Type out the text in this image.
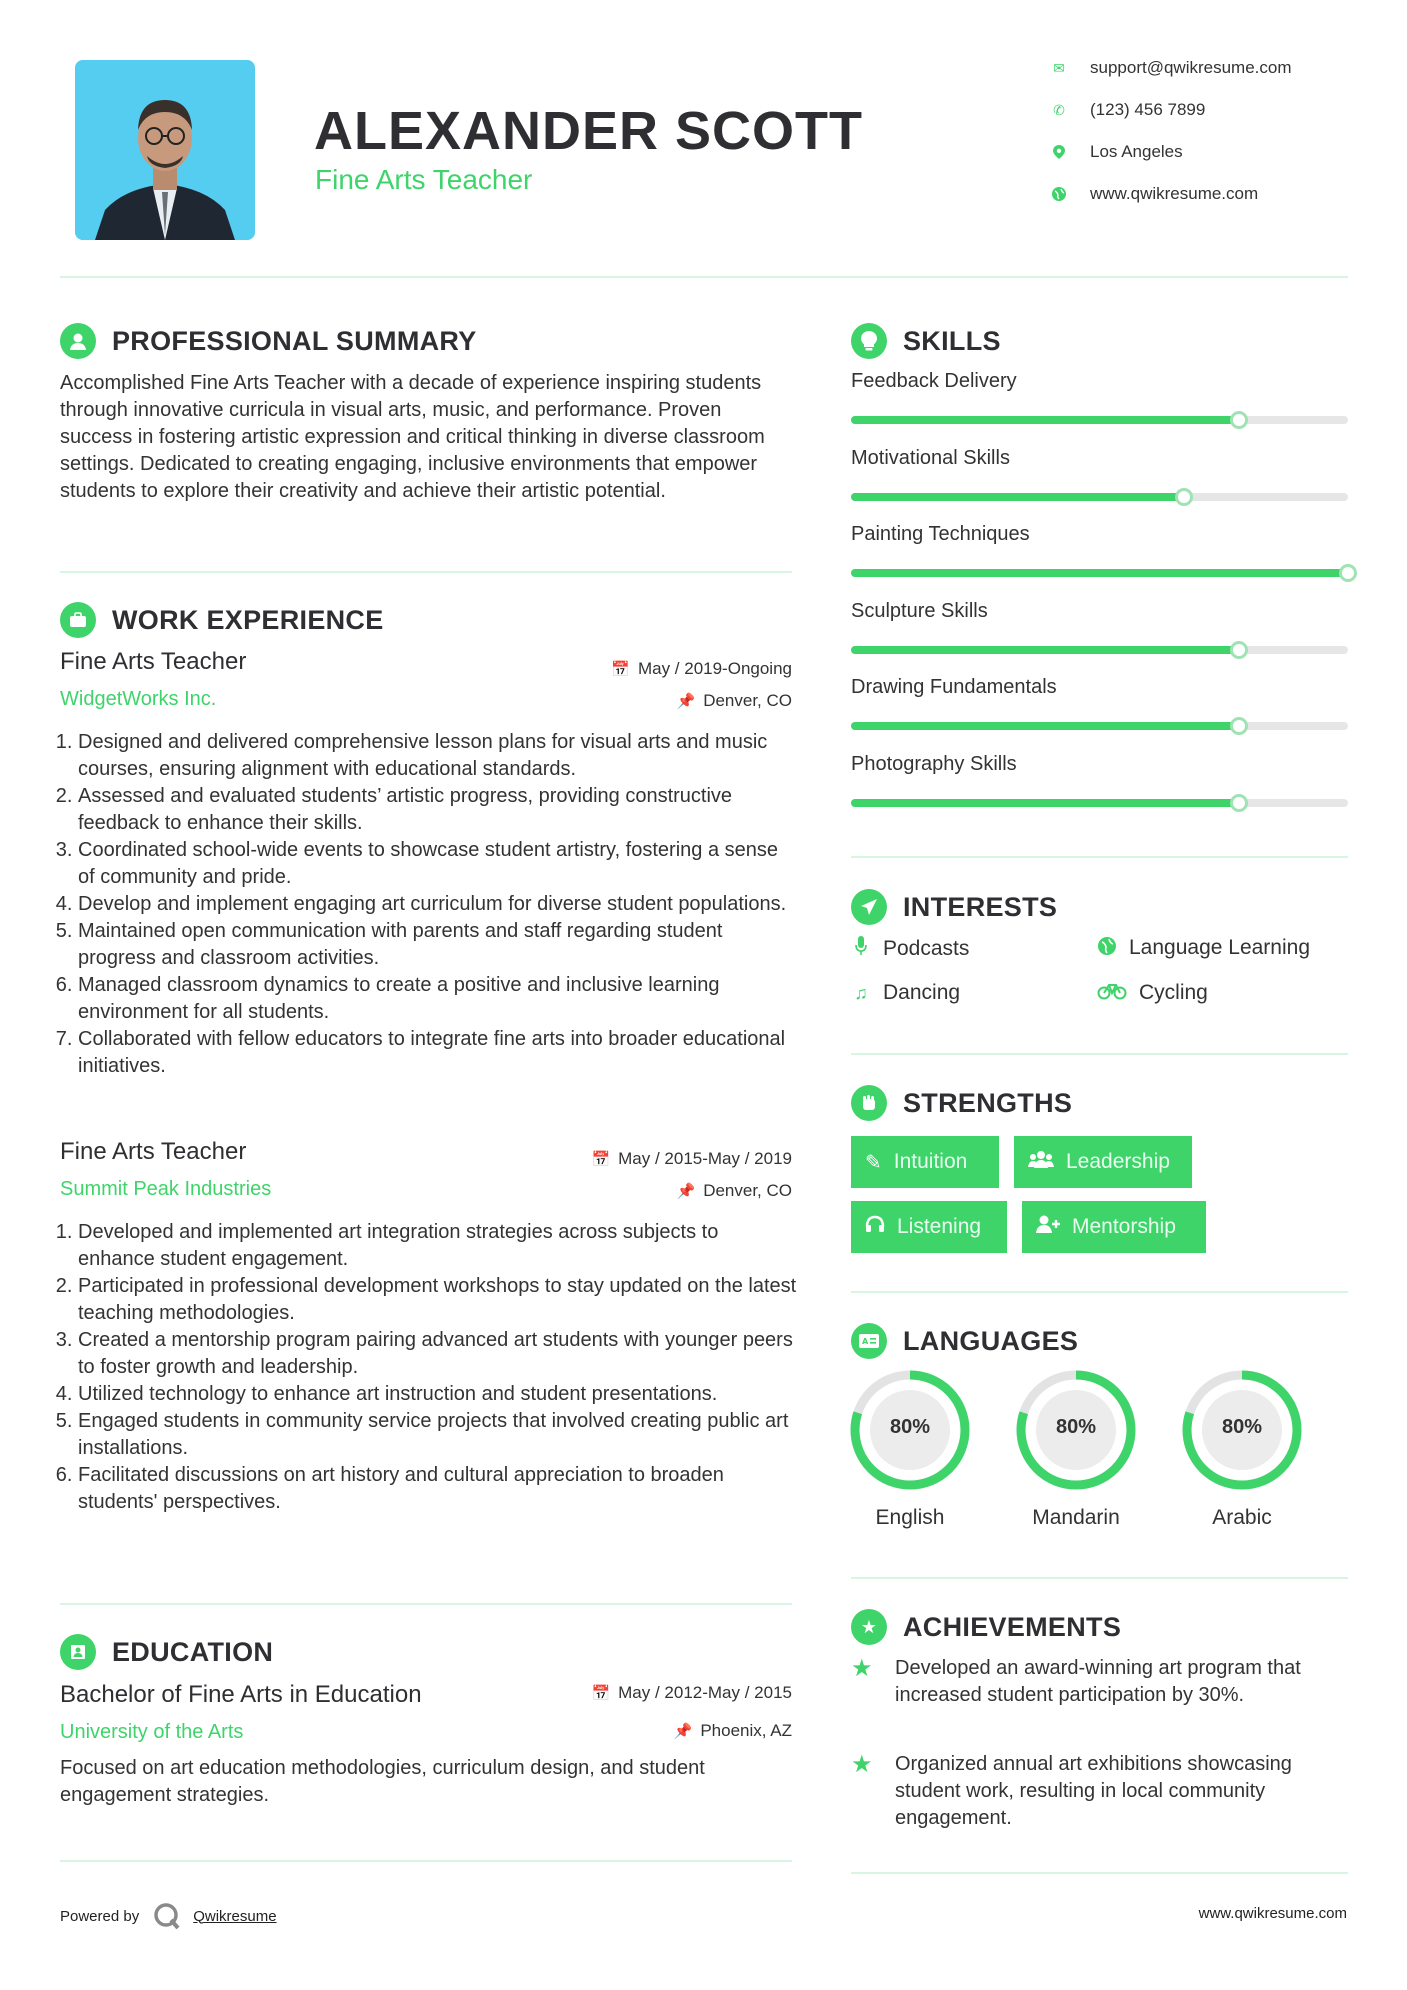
ALEXANDER SCOTT
Fine Arts Teacher
✉ support@qwikresume.com
✆ (123) 456 7899
Los Angeles
www.qwikresume.com
PROFESSIONAL SUMMARY
Accomplished Fine Arts Teacher with a decade of experience inspiring students through innovative curricula in visual arts, music, and performance. Proven success in fostering artistic expression and critical thinking in diverse classroom settings. Dedicated to creating engaging, inclusive environments that empower students to explore their creativity and achieve their artistic potential.
WORK EXPERIENCE
Fine Arts Teacher
WidgetWorks Inc.
📅 May / 2019-Ongoing
📌 Denver, CO
1. Designed and delivered comprehensive lesson plans for visual arts and music courses, ensuring alignment with educational standards.
2. Assessed and evaluated students’ artistic progress, providing constructive feedback to enhance their skills.
3. Coordinated school-wide events to showcase student artistry, fostering a sense of community and pride.
4. Develop and implement engaging art curriculum for diverse student populations.
5. Maintained open communication with parents and staff regarding student progress and classroom activities.
6. Managed classroom dynamics to create a positive and inclusive learning environment for all students.
7. Collaborated with fellow educators to integrate fine arts into broader educational initiatives.
Fine Arts Teacher
Summit Peak Industries
📅 May / 2015-May / 2019
📌 Denver, CO
1. Developed and implemented art integration strategies across subjects to enhance student engagement.
2. Participated in professional development workshops to stay updated on the latest teaching methodologies.
3. Created a mentorship program pairing advanced art students with younger peers to foster growth and leadership.
4. Utilized technology to enhance art instruction and student presentations.
5. Engaged students in community service projects that involved creating public art installations.
6. Facilitated discussions on art history and cultural appreciation to broaden students' perspectives.
EDUCATION
Bachelor of Fine Arts in Education
University of the Arts
📅 May / 2012-May / 2015
📌 Phoenix, AZ
Focused on art education methodologies, curriculum design, and student engagement strategies.
SKILLS
Feedback Delivery
Motivational Skills
Painting Techniques
Sculpture Skills
Drawing Fundamentals
Photography Skills
INTERESTS
Podcasts	Language Learning
♫ Dancing	Cycling
STRENGTHS
✎ Intuition	Leadership
Listening	Mentorship
A LANGUAGES
80%
English
80%
Mandarin
80%
Arabic
★ ACHIEVEMENTS
★	Developed an award-winning art program that increased student participation by 30%.
★	Organized annual art exhibitions showcasing student work, resulting in local community engagement.
Powered by	Qwikresume	www.qwikresume.com
